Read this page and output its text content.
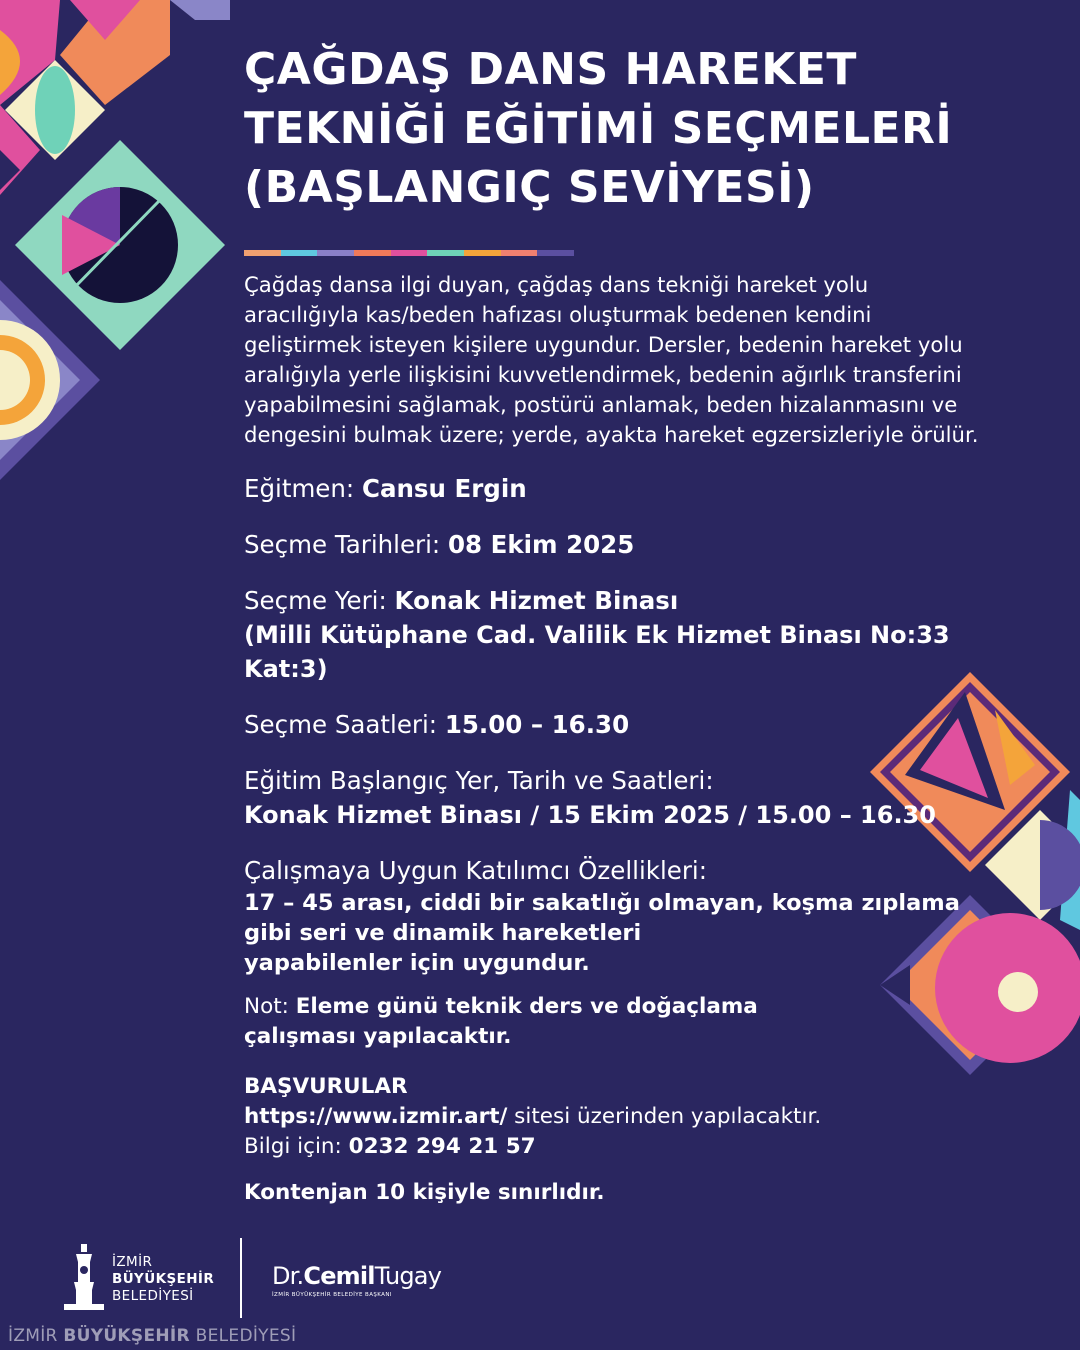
ÇAĞDAŞ DANS HAREKET
TEKNİĞİ EĞİTİMİ SEÇMELERİ
(BAŞLANGIÇ SEVİYESİ)

Çağdaş dansa ilgi duyan, çağdaş dans tekniği hareket yolu aracılığıyla kas/beden hafızası oluşturmak bedenen kendini geliştirmek isteyen kişilere uygundur. Dersler, bedenin hareket yolu aralığıyla yerle ilişkisini kuvvetlendirmek, bedenin ağırlık transferini yapabilmesini sağlamak, postürü anlamak, beden hizalanmasını ve dengesini bulmak üzere; yerde, ayakta hareket egzersizleriyle örülür.

Eğitmen: Cansu Ergin
Seçme Tarihleri: 08 Ekim 2025
Seçme Yeri: Konak Hizmet Binası
(Milli Kütüphane Cad. Valilik Ek Hizmet Binası No:33 Kat:3)
Seçme Saatleri: 15.00 – 16.30
Eğitim Başlangıç Yer, Tarih ve Saatleri:
Konak Hizmet Binası / 15 Ekim 2025 / 15.00 – 16.30
Çalışmaya Uygun Katılımcı Özellikleri:
17 – 45 arası, ciddi bir sakatlığı olmayan, koşma zıplama
gibi seri ve dinamik hareketleri
yapabilenler için uygundur.
Not: Eleme günü teknik ders ve doğaçlama
çalışması yapılacaktır.
BAŞVURULAR
https://www.izmir.art/ sitesi üzerinden yapılacaktır.
Bilgi için: 0232 294 21 57
Kontenjan 10 kişiyle sınırlıdır.
İZMİR
BÜYÜKŞEHİR
BELEDİYESİ
Dr.CemilTugay
İZMİR BÜYÜKŞEHİR BELEDİYE BAŞKANI
İZMİR BÜYÜKŞEHİR BELEDİYESİ
